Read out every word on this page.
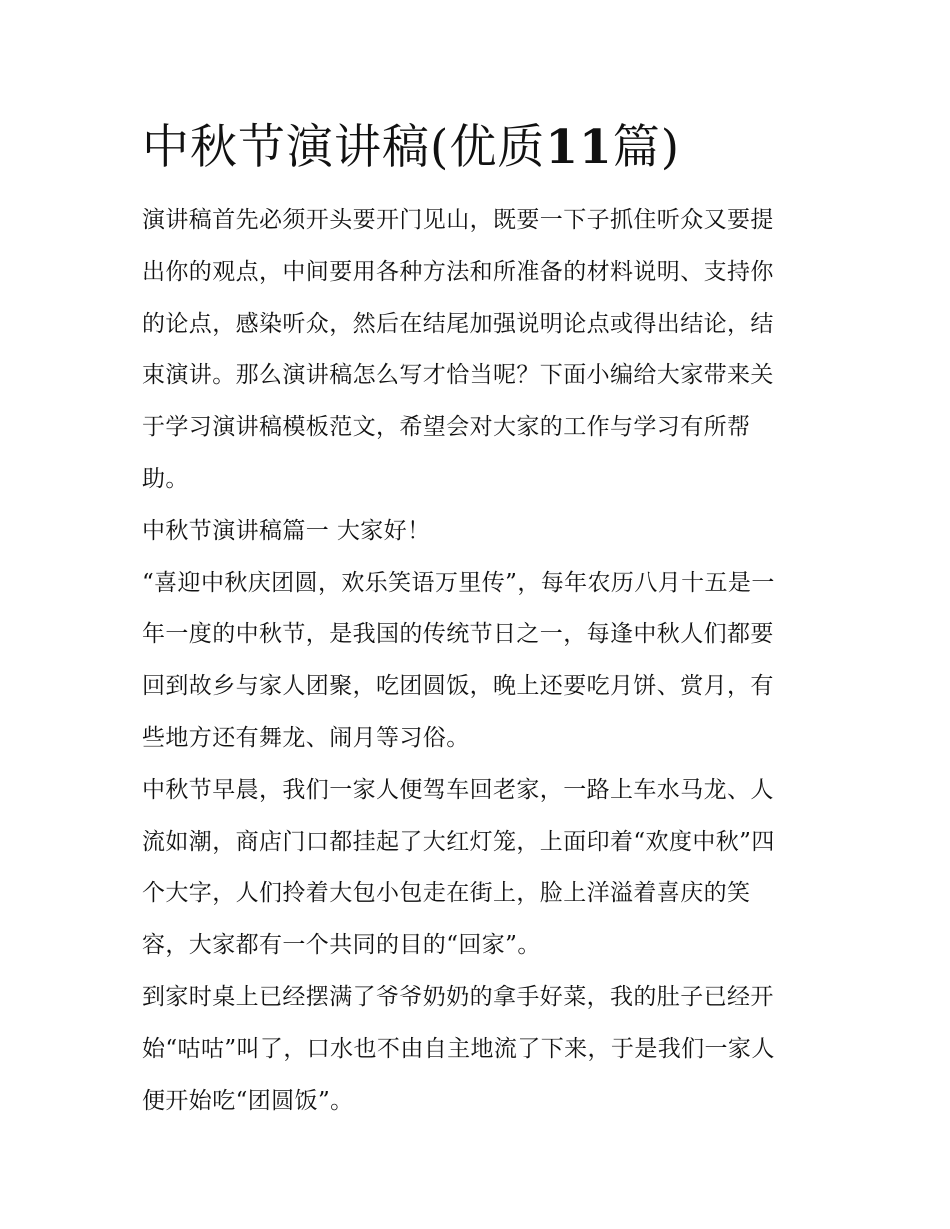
中秋节演讲稿(优质11篇)

演讲稿首先必须开头要开门见山，既要一下子抓住听众又要提

出你的观点，中间要用各种方法和所准备的材料说明、支持你

的论点，感染听众，然后在结尾加强说明论点或得出结论，结

束演讲。那么演讲稿怎么写才恰当呢？下面小编给大家带来关

于学习演讲稿模板范文，希望会对大家的工作与学习有所帮

助。

中秋节演讲稿篇一 大家好！

“喜迎中秋庆团圆，欢乐笑语万里传”，每年农历八月十五是一

年一度的中秋节，是我国的传统节日之一，每逢中秋人们都要

回到故乡与家人团聚，吃团圆饭，晚上还要吃月饼、赏月，有

些地方还有舞龙、闹月等习俗。

中秋节早晨，我们一家人便驾车回老家，一路上车水马龙、人

流如潮，商店门口都挂起了大红灯笼，上面印着“欢度中秋”四

个大字，人们拎着大包小包走在街上，脸上洋溢着喜庆的笑

容，大家都有一个共同的目的“回家”。

到家时桌上已经摆满了爷爷奶奶的拿手好菜，我的肚子已经开

始“咕咕”叫了，口水也不由自主地流了下来，于是我们一家人

便开始吃“团圆饭”。
